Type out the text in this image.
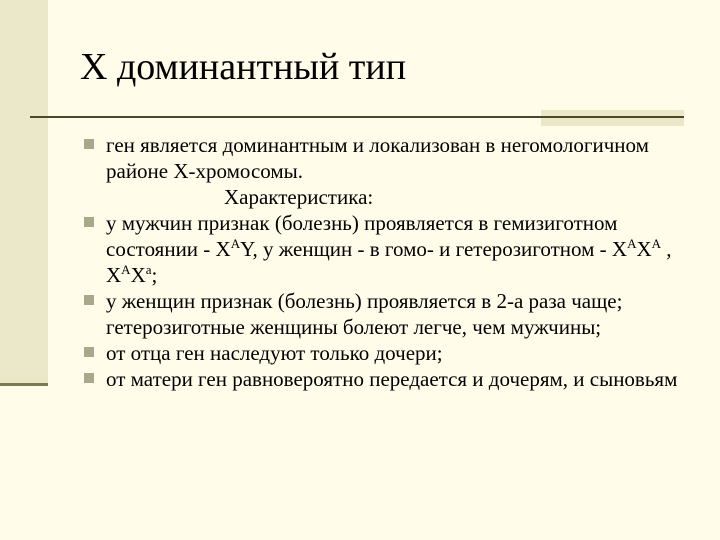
X доминантный тип
ген является доминантным и локализован в негомологичном районе Х-хромосомы.
Характеристика:
у мужчин признак (болезнь) проявляется в гемизиготном состоянии - $X^AY$, у женщин - в гомо- и гетерозиготном - $X^AX^A$ , $X^AX^a$;
у женщин признак (болезнь) проявляется в 2-а раза чаще; гетерозиготные женщины болеют легче, чем мужчины;
от отца ген наследуют только дочери;
от матери ген равновероятно передается и дочерям, и сыновьям
